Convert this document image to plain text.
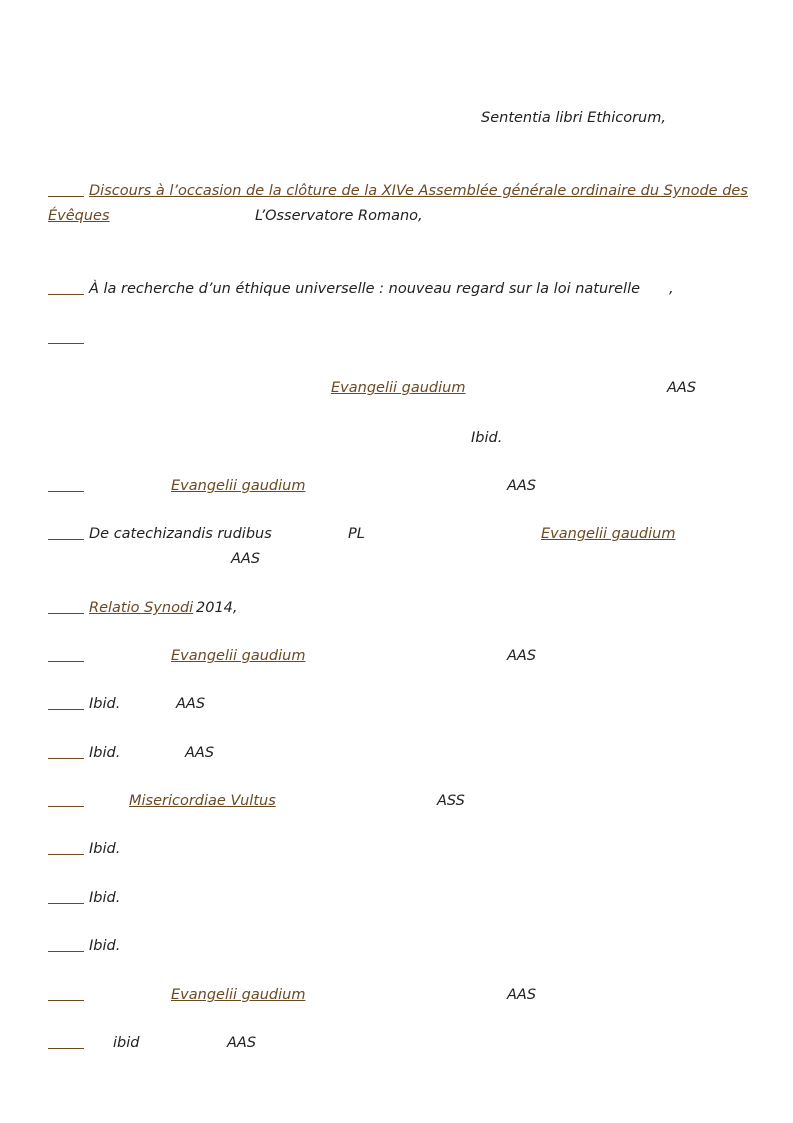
Sententia libri Ethicorum,
Discours à l’occasion de la clôture de la XIVe Assemblée générale ordinaire du Synode des
Évêques	L’Osservatore Romano,
À la recherche d’un éthique universelle : nouveau regard sur la loi naturelle ,
Evangelii gaudium	AAS
Ibid.
Evangelii gaudium	AAS
De catechizandis rudibus	PL	Evangelii gaudium
AAS
Relatio Synodi 2014,
Evangelii gaudium	AAS
Ibid.	AAS
Ibid.	AAS
Misericordiae Vultus	ASS
Ibid.
Ibid.
Ibid.
Evangelii gaudium	AAS
ibid	AAS
